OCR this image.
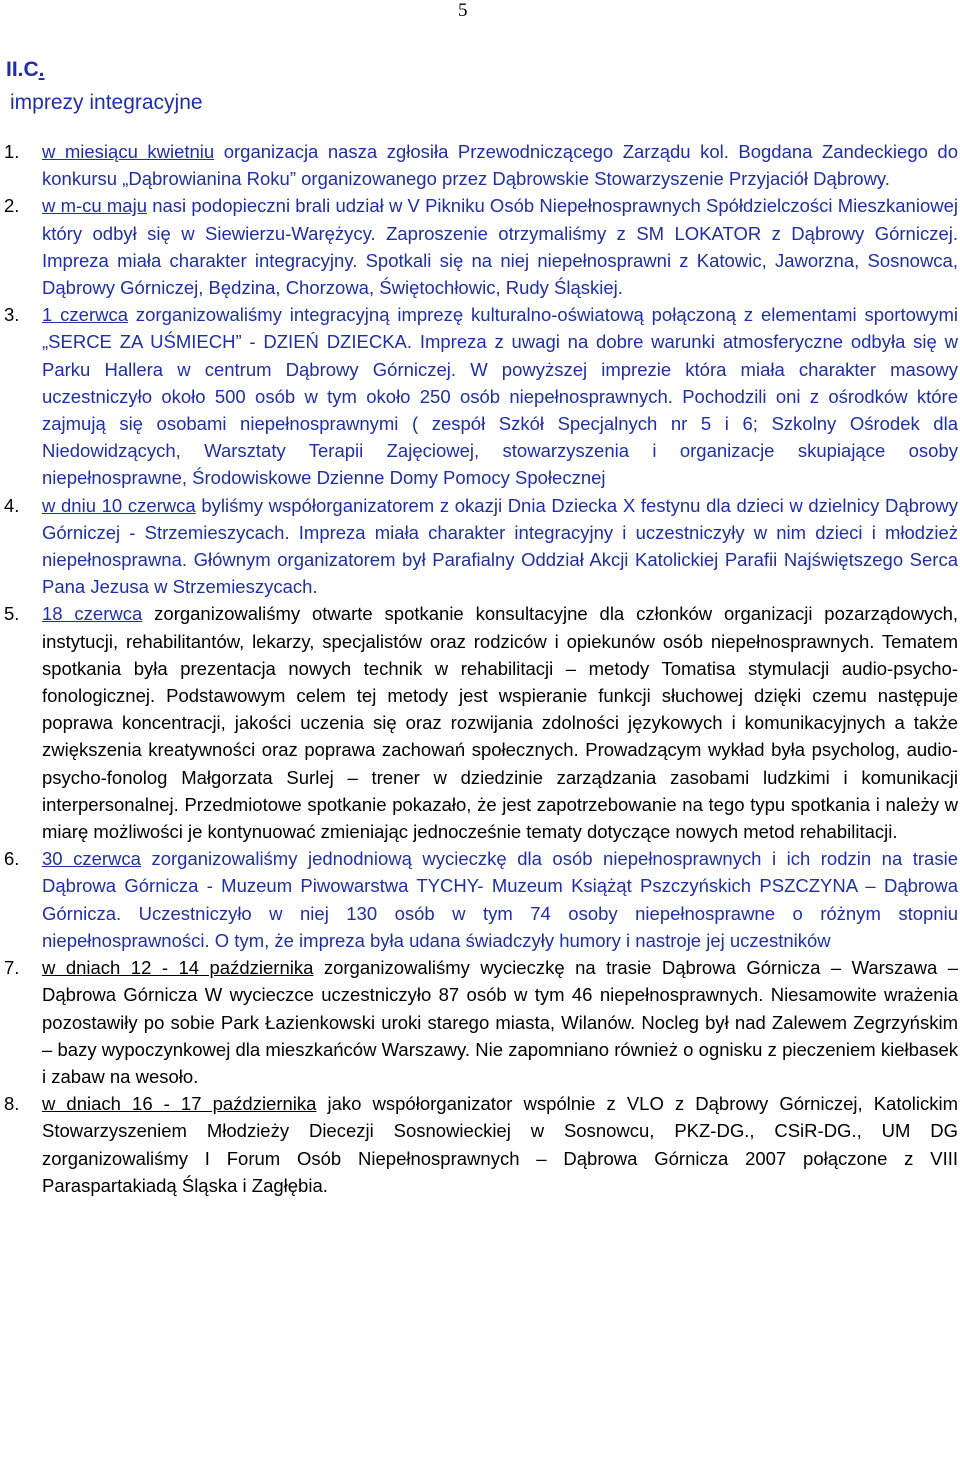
5
II.C.
imprezy integracyjne
1.	w miesiącu kwietniu organizacja nasza zgłosiła Przewodniczącego Zarządu kol. Bogdana Zandeckiego do konkursu „Dąbrowianina Roku” organizowanego przez Dąbrowskie Stowarzyszenie Przyjaciół Dąbrowy.
2.	w m-cu maju nasi podopieczni brali udział w V Pikniku Osób Niepełnosprawnych Spółdzielczości Mieszkaniowej który odbył się w Siewierzu-Warężycy. Zaproszenie otrzymaliśmy z SM LOKATOR z Dąbrowy Górniczej. Impreza miała charakter integracyjny. Spotkali się na niej niepełnosprawni z Katowic, Jaworzna, Sosnowca, Dąbrowy Górniczej, Będzina, Chorzowa, Świętochłowic, Rudy Śląskiej.
3.	1 czerwca zorganizowaliśmy integracyjną imprezę kulturalno-oświatową połączoną z elementami sportowymi „SERCE ZA UŚMIECH” - DZIEŃ DZIECKA. Impreza z uwagi na dobre warunki atmosferyczne odbyła się w Parku Hallera w centrum Dąbrowy Górniczej. W powyższej imprezie która miała charakter masowy uczestniczyło około 500 osób w tym około 250 osób niepełnosprawnych. Pochodzili oni z ośrodków które zajmują się osobami niepełnosprawnymi ( zespół Szkół Specjalnych nr 5 i 6; Szkolny Ośrodek dla Niedowidzących, Warsztaty Terapii Zajęciowej, stowarzyszenia i organizacje skupiające osoby niepełnosprawne, Środowiskowe Dzienne Domy Pomocy Społecznej
4.	w dniu 10 czerwca byliśmy współorganizatorem z okazji Dnia Dziecka X festynu dla dzieci w dzielnicy Dąbrowy Górniczej - Strzemieszycach. Impreza miała charakter integracyjny i uczestniczyły w nim dzieci i młodzież niepełnosprawna. Głównym organizatorem był Parafialny Oddział Akcji Katolickiej Parafii Najświętszego Serca Pana Jezusa w Strzemieszycach.
5.	18 czerwca zorganizowaliśmy otwarte spotkanie konsultacyjne dla członków organizacji pozarządowych, instytucji, rehabilitantów, lekarzy, specjalistów oraz rodziców i opiekunów osób niepełnosprawnych. Tematem spotkania była prezentacja nowych technik w rehabilitacji – metody Tomatisa stymulacji audio-psycho-fonologicznej. Podstawowym celem tej metody jest wspieranie funkcji słuchowej dzięki czemu następuje poprawa koncentracji, jakości uczenia się oraz rozwijania zdolności językowych i komunikacyjnych a także zwiększenia kreatywności oraz poprawa zachowań społecznych. Prowadzącym wykład była psycholog, audio-psycho-fonolog Małgorzata Surlej – trener w dziedzinie zarządzania zasobami ludzkimi i komunikacji interpersonalnej. Przedmiotowe spotkanie pokazało, że jest zapotrzebowanie na tego typu spotkania i należy w miarę możliwości je kontynuować zmieniając jednocześnie tematy dotyczące nowych metod rehabilitacji.
6.	30 czerwca zorganizowaliśmy jednodniową wycieczkę dla osób niepełnosprawnych i ich rodzin na trasie Dąbrowa Górnicza - Muzeum Piwowarstwa TYCHY- Muzeum Książąt Pszczyńskich PSZCZYNA – Dąbrowa Górnicza. Uczestniczyło w niej 130 osób w tym 74 osoby niepełnosprawne o różnym stopniu niepełnosprawności. O tym, że impreza była udana świadczyły humory i nastroje jej uczestników
7.	w dniach 12 - 14 października zorganizowaliśmy wycieczkę na trasie Dąbrowa Górnicza – Warszawa – Dąbrowa Górnicza W wycieczce uczestniczyło 87 osób w tym 46 niepełnosprawnych. Niesamowite wrażenia pozostawiły po sobie Park Łazienkowski uroki starego miasta, Wilanów. Nocleg był nad Zalewem Zegrzyńskim – bazy wypoczynkowej dla mieszkańców Warszawy. Nie zapomniano również o ognisku z pieczeniem kiełbasek i zabaw na wesoło.
8.	w dniach 16 - 17 października jako współorganizator wspólnie z VLO z Dąbrowy Górniczej, Katolickim Stowarzyszeniem Młodzieży Diecezji Sosnowieckiej w Sosnowcu, PKZ-DG., CSiR-DG., UM DG zorganizowaliśmy I Forum Osób Niepełnosprawnych – Dąbrowa Górnicza 2007 połączone z VIII Paraspartakiadą Śląska i Zagłębia.
